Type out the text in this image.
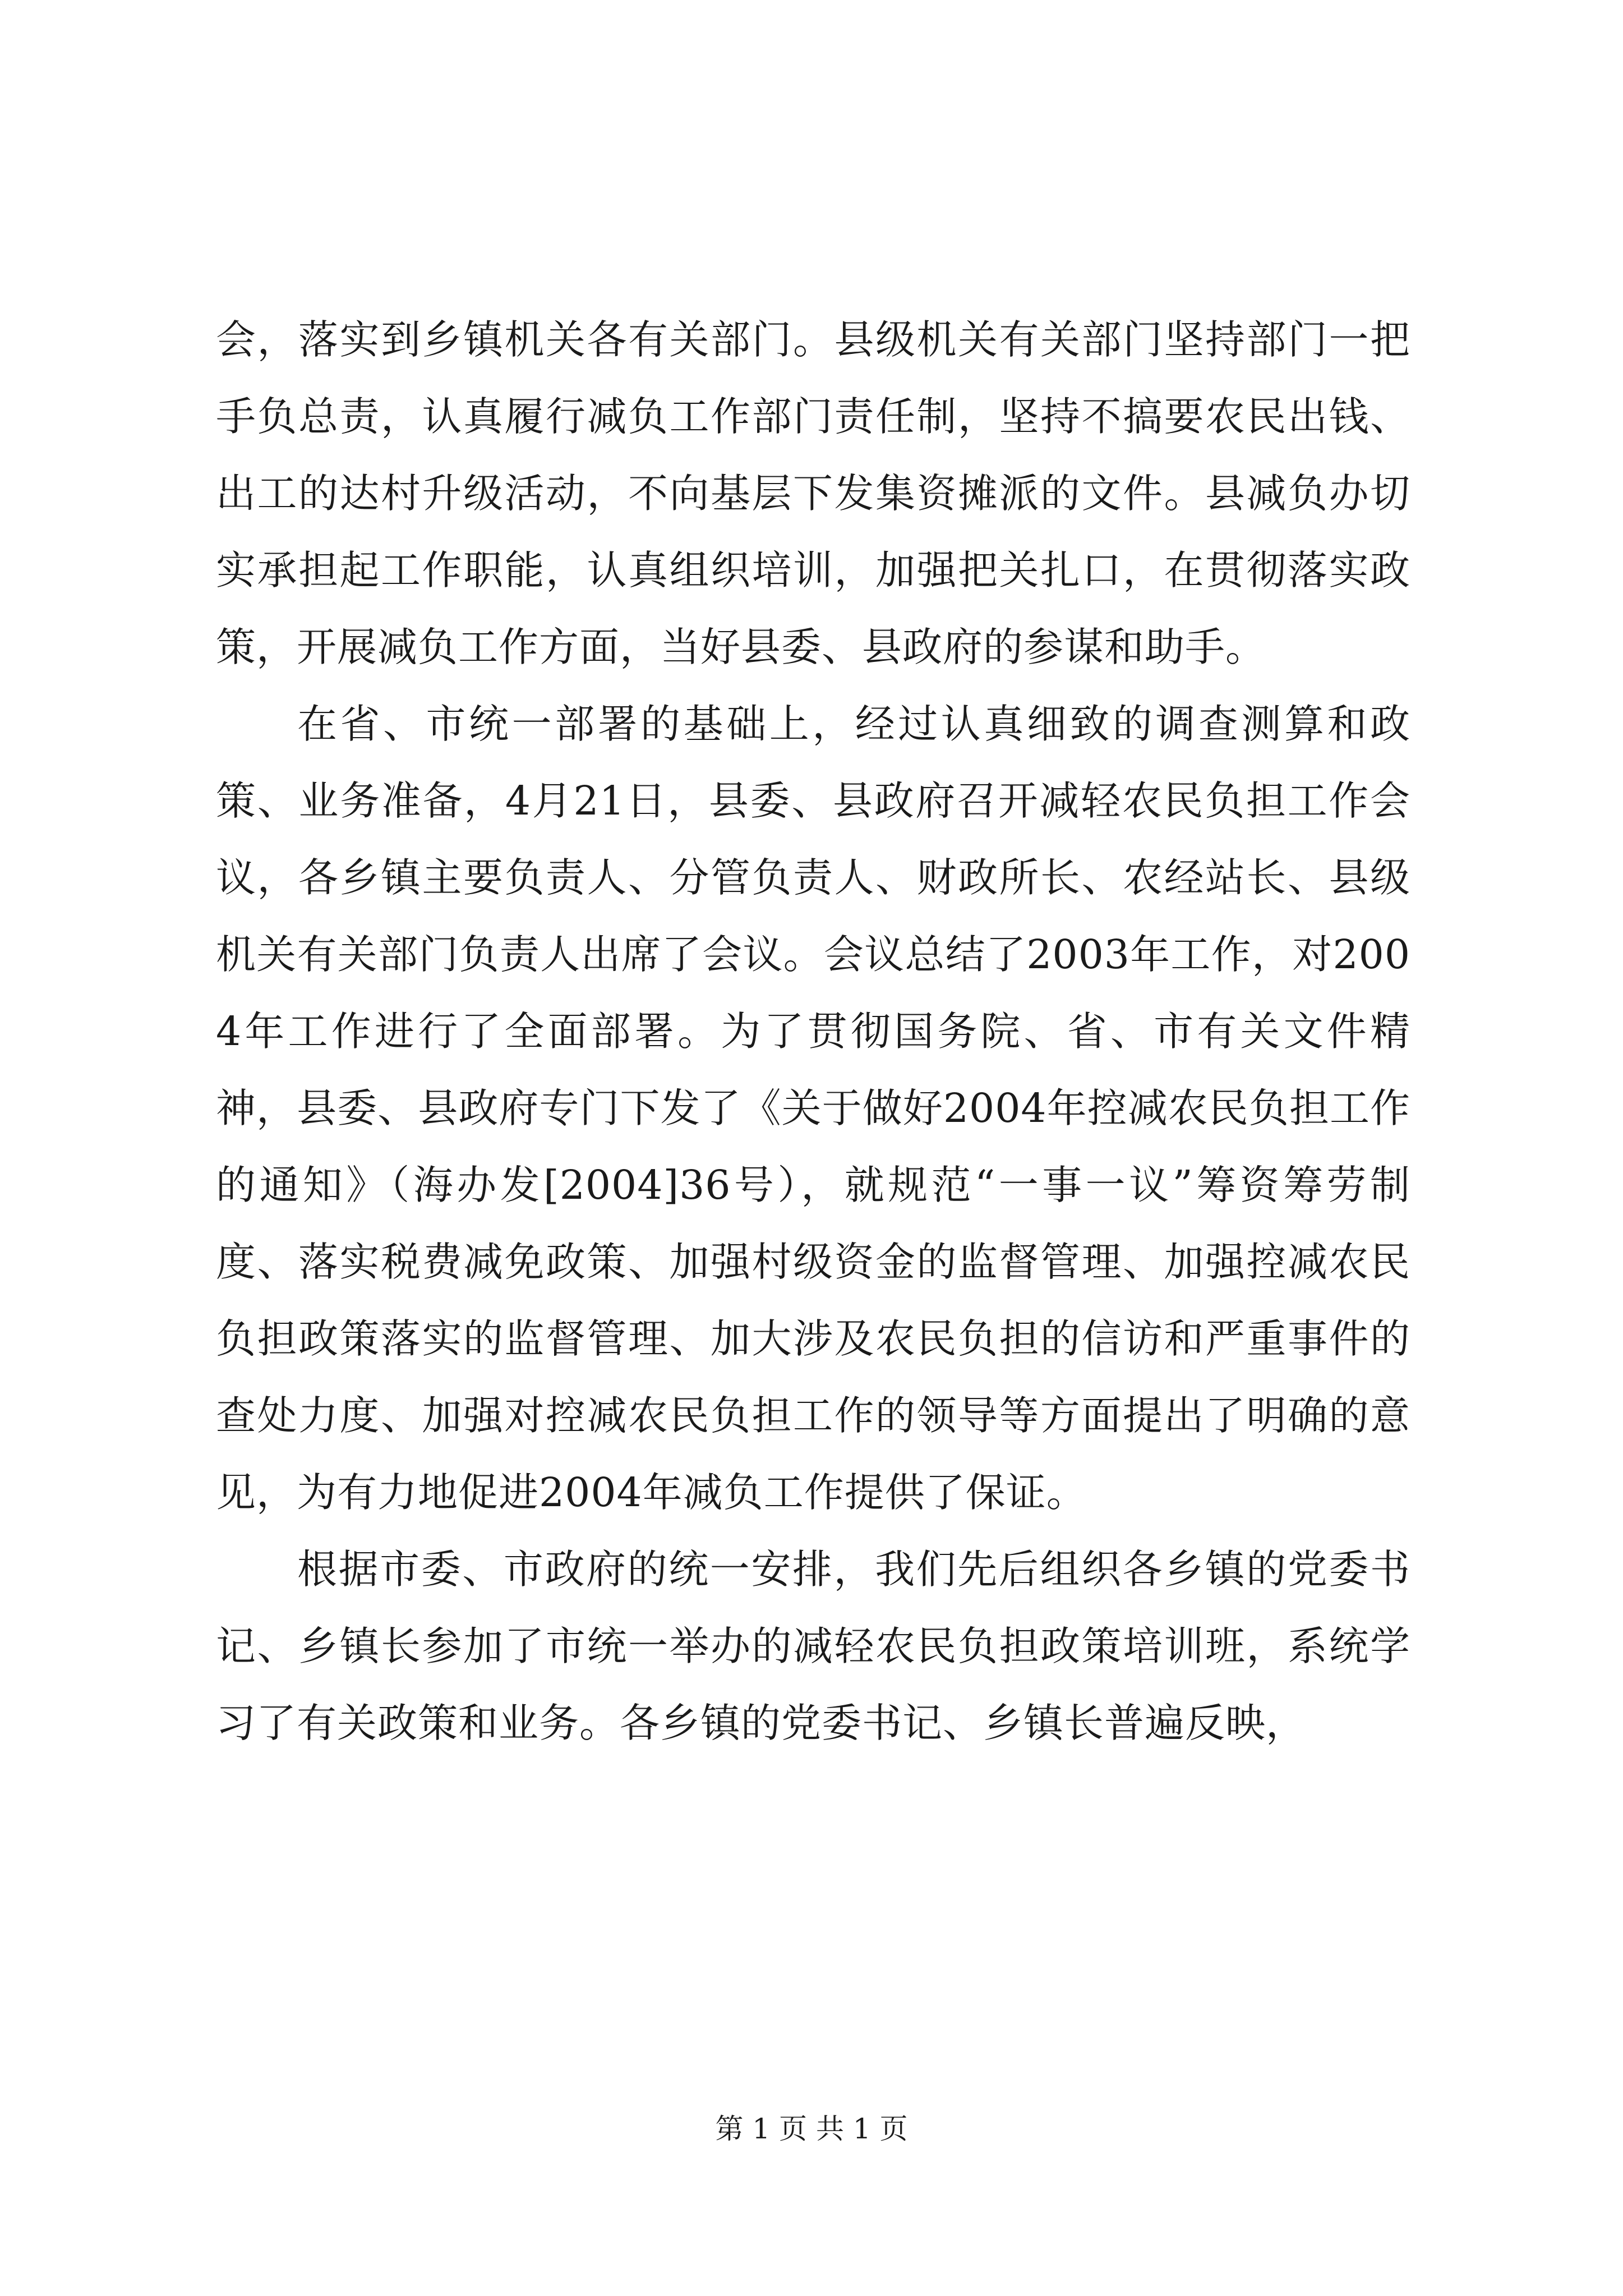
会，落实到乡镇机关各有关部门。县级机关有关部门坚持部门一把手负总责，认真履行减负工作部门责任制，坚持不搞要农民出钱、出工的达村升级活动，不向基层下发集资摊派的文件。县减负办切实承担起工作职能，认真组织培训，加强把关扎口，在贯彻落实政策，开展减负工作方面，当好县委、县政府的参谋和助手。

在省、市统一部署的基础上，经过认真细致的调查测算和政策、业务准备，4月21日，县委、县政府召开减轻农民负担工作会议，各乡镇主要负责人、分管负责人、财政所长、农经站长、县级机关有关部门负责人出席了会议。会议总结了2003年工作，对2004年工作进行了全面部署。为了贯彻国务院、省、市有关文件精神，县委、县政府专门下发了《关于做好2004年控减农民负担工作的通知》（海办发[2004]36号），就规范“一事一议”筹资筹劳制度、落实税费减免政策、加强村级资金的监督管理、加强控减农民负担政策落实的监督管理、加大涉及农民负担的信访和严重事件的查处力度、加强对控减农民负担工作的领导等方面提出了明确的意见，为有力地促进2004年减负工作提供了保证。

根据市委、市政府的统一安排，我们先后组织各乡镇的党委书记、乡镇长参加了市统一举办的减轻农民负担政策培训班，系统学习了有关政策和业务。各乡镇的党委书记、乡镇长普遍反映，

第 1 页 共 1 页
